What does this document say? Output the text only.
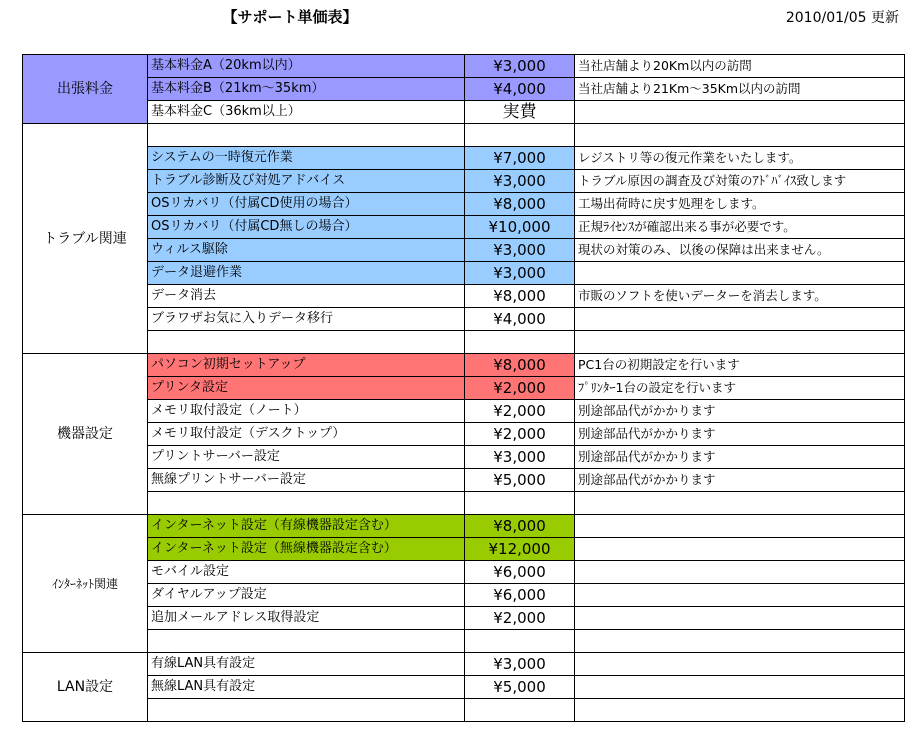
【サポート単価表】	2010/01/05 更新
出張料金	基本料金A（20km以内）	¥3,000	当社店舗より20Km以内の訪問
	基本料金B（21km～35km）	¥4,000	当社店舗より21Km～35Km以内の訪問
	基本料金C（36km以上）	実費	
トラブル関連			
	システムの一時復元作業	¥7,000	レジストリ等の復元作業をいたします。
	トラブル診断及び対処アドバイス	¥3,000	トラブル原因の調査及び対策のｱﾄﾞﾊﾞｲｽ致します
	OSリカバリ（付属CD使用の場合）	¥8,000	工場出荷時に戻す処理をします。
	OSリカバリ（付属CD無しの場合）	¥10,000	正規ﾗｲｾﾝｽが確認出来る事が必要です。
	ウィルス駆除	¥3,000	現状の対策のみ、以後の保障は出来ません。
	データ退避作業	¥3,000	
	データ消去	¥8,000	市販のソフトを使いデーターを消去します。
	ブラワザお気に入りデータ移行	¥4,000	

機器設定	パソコン初期セットアップ	¥8,000	PC1台の初期設定を行います
	プリンタ設定	¥2,000	ﾌﾟﾘﾝﾀｰ1台の設定を行います
	メモリ取付設定（ノート）	¥2,000	別途部品代がかかります
	メモリ取付設定（デスクトップ）	¥2,000	別途部品代がかかります
	プリントサーバー設定	¥3,000	別途部品代がかかります
	無線プリントサーバー設定	¥5,000	別途部品代がかかります

ｲﾝﾀｰﾈｯﾄ関連	インターネット設定（有線機器設定含む）	¥8,000	
	インターネット設定（無線機器設定含む）	¥12,000	
	モバイル設定	¥6,000	
	ダイヤルアップ設定	¥6,000	
	追加メールアドレス取得設定	¥2,000	

LAN設定	有線LAN具有設定	¥3,000	
	無線LAN具有設定	¥5,000	
